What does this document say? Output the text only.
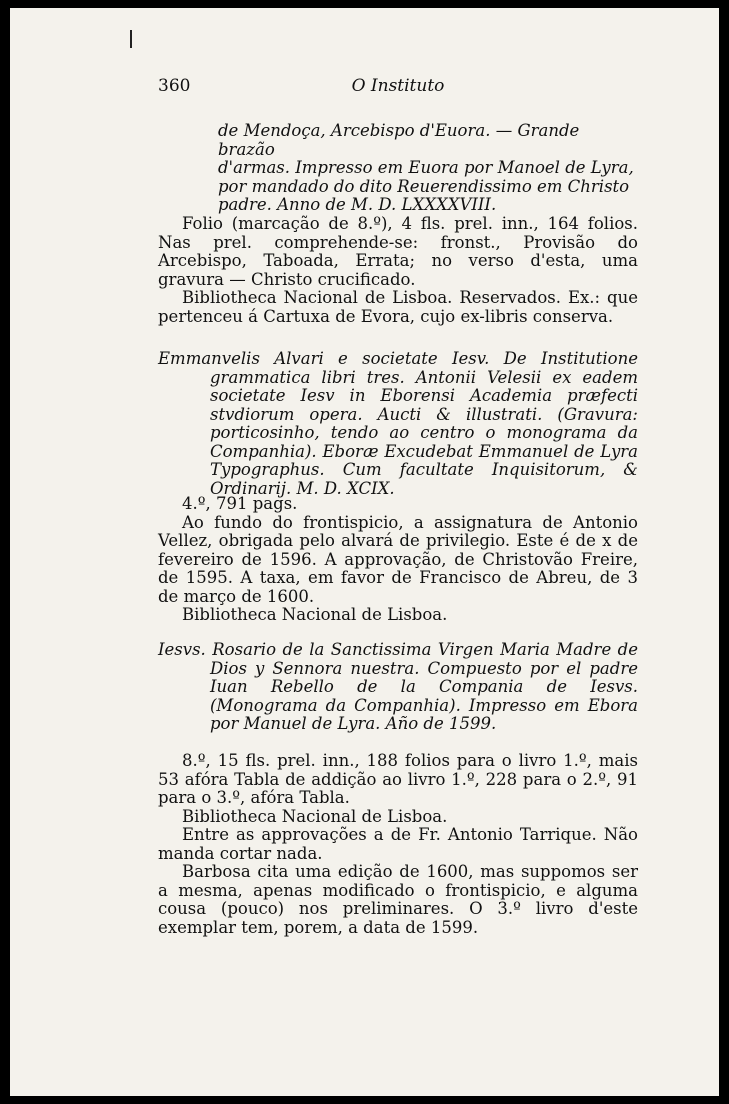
360	O Instituto

de Mendoça, Arcebispo d'Euora. — Grande brazão

d'armas. Impresso em Euora por Manoel de Lyra,

por mandado do dito Reuerendissimo em Christo

padre. Anno de M. D. LXXXXVIII.

Folio (marcação de 8.º), 4 fls. prel. inn., 164 folios. Nas prel. comprehende-se: fronst., Provisão do Arcebispo, Taboada, Errata; no verso d'esta, uma gravura — Christo crucificado.

Bibliotheca Nacional de Lisboa. Reservados. Ex.: que pertenceu á Cartuxa de Evora, cujo ex-libris conserva.

Emmanvelis Alvari e societate Iesv. De Institutione grammatica libri tres. Antonii Velesii ex eadem societate Iesv in Eborensi Academia præfecti stvdiorum opera. Aucti & illustrati. (Gravura: porticosinho, tendo ao centro o monograma da Companhia). Eboræ Excudebat Emmanuel de Lyra Typographus. Cum facultate Inquisitorum, & Ordinarij. M. D. XCIX.

4.º, 791 pags.

Ao fundo do frontispicio, a assignatura de Antonio Vellez, obrigada pelo alvará de privilegio. Este é de x de fevereiro de 1596. A approvação, de Christovão Freire, de 1595. A taxa, em favor de Francisco de Abreu, de 3 de março de 1600.

Bibliotheca Nacional de Lisboa.

Iesvs. Rosario de la Sanctissima Virgen Maria Madre de Dios y Sennora nuestra. Compuesto por el padre Iuan Rebello de la Compania de Iesvs. (Monograma da Companhia). Impresso em Ebora por Manuel de Lyra. Año de 1599.

8.º, 15 fls. prel. inn., 188 folios para o livro 1.º, mais 53 afóra Tabla de addição ao livro 1.º, 228 para o 2.º, 91 para o 3.º, afóra Tabla.

Bibliotheca Nacional de Lisboa.

Entre as approvações a de Fr. Antonio Tarrique. Não manda cortar nada.

Barbosa cita uma edição de 1600, mas suppomos ser a mesma, apenas modificado o frontispicio, e alguma cousa (pouco) nos preliminares. O 3.º livro d'este exemplar tem, porem, a data de 1599.
